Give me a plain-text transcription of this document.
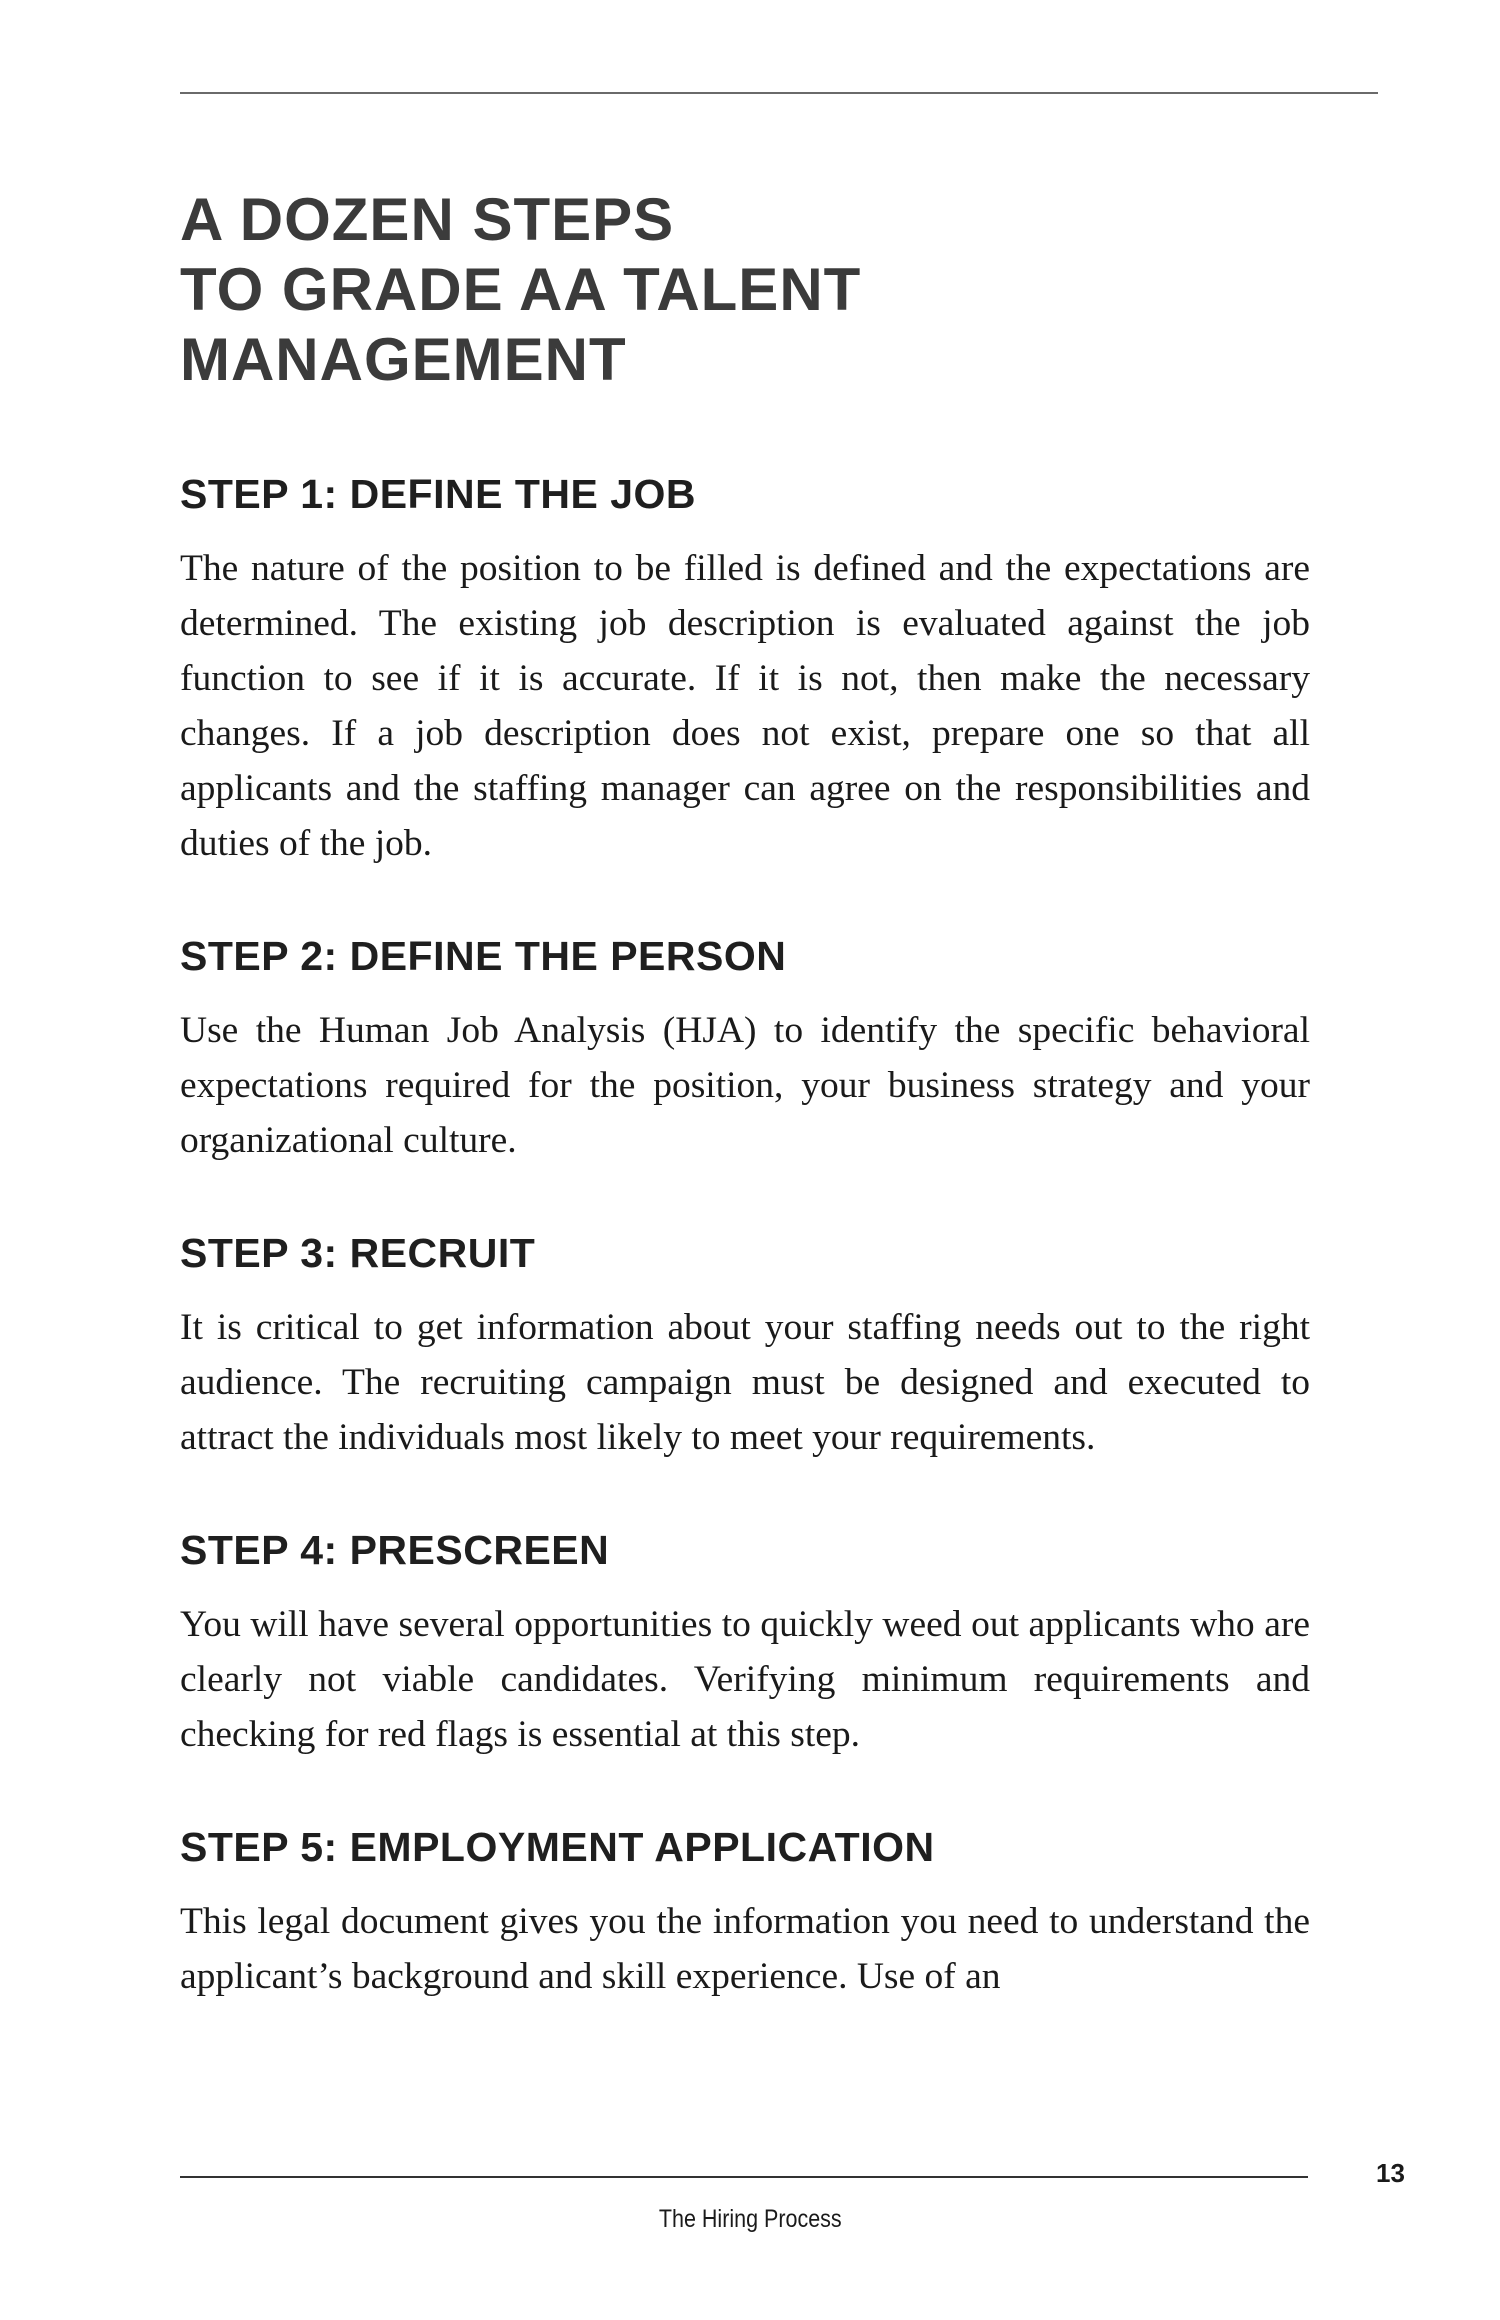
A DOZEN STEPS
TO GRADE AA TALENT
MANAGEMENT
STEP 1: DEFINE THE JOB

The nature of the position to be filled is defined and the expectations are determined. The existing job description is evaluated against the job function to see if it is accurate. If it is not, then make the necessary changes. If a job description does not exist, prepare one so that all applicants and the staffing manager can agree on the responsibilities and duties of the job.

STEP 2: DEFINE THE PERSON

Use the Human Job Analysis (HJA) to identify the specific behavioral expectations required for the position, your business strategy and your organizational culture.

STEP 3: RECRUIT

It is critical to get information about your staffing needs out to the right audience. The recruiting campaign must be designed and executed to attract the individuals most likely to meet your requirements.

STEP 4: PRESCREEN

You will have several opportunities to quickly weed out applicants who are clearly not viable candidates. Verifying minimum requirements and checking for red flags is essential at this step.

STEP 5: EMPLOYMENT APPLICATION

This legal document gives you the information you need to understand the applicant’s background and skill experience. Use of an

13
The Hiring Process
